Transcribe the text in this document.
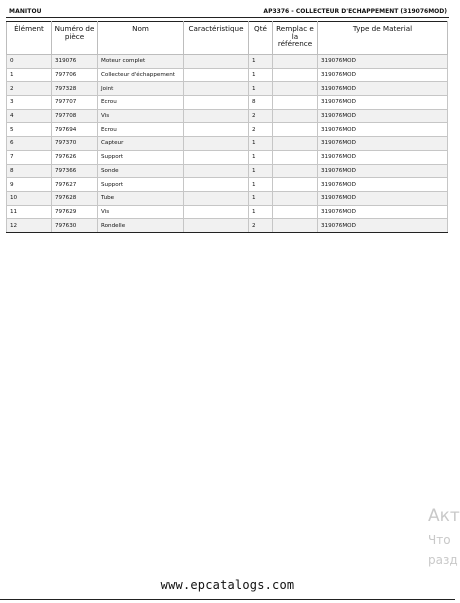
MANITOU	AP3376 - COLLECTEUR D'ECHAPPEMENT (319076MOD)
Élément	Numéro de pièce	Nom	Caractéristique	Qté	Remplac e la référence	Type de Material
0	319076	Moteur complet		1		319076MOD
1	797706	Collecteur d'échappement		1		319076MOD
2	797328	Joint		1		319076MOD
3	797707	Ecrou		8		319076MOD
4	797708	Vis		2		319076MOD
5	797694	Ecrou		2		319076MOD
6	797370	Capteur		1		319076MOD
7	797626	Support		1		319076MOD
8	797366	Sonde		1		319076MOD
9	797627	Support		1		319076MOD
10	797628	Tube		1		319076MOD
11	797629	Vis		1		319076MOD
12	797630	Rondelle		2		319076MOD
Акт
Что
разд
www.epcatalogs.com
